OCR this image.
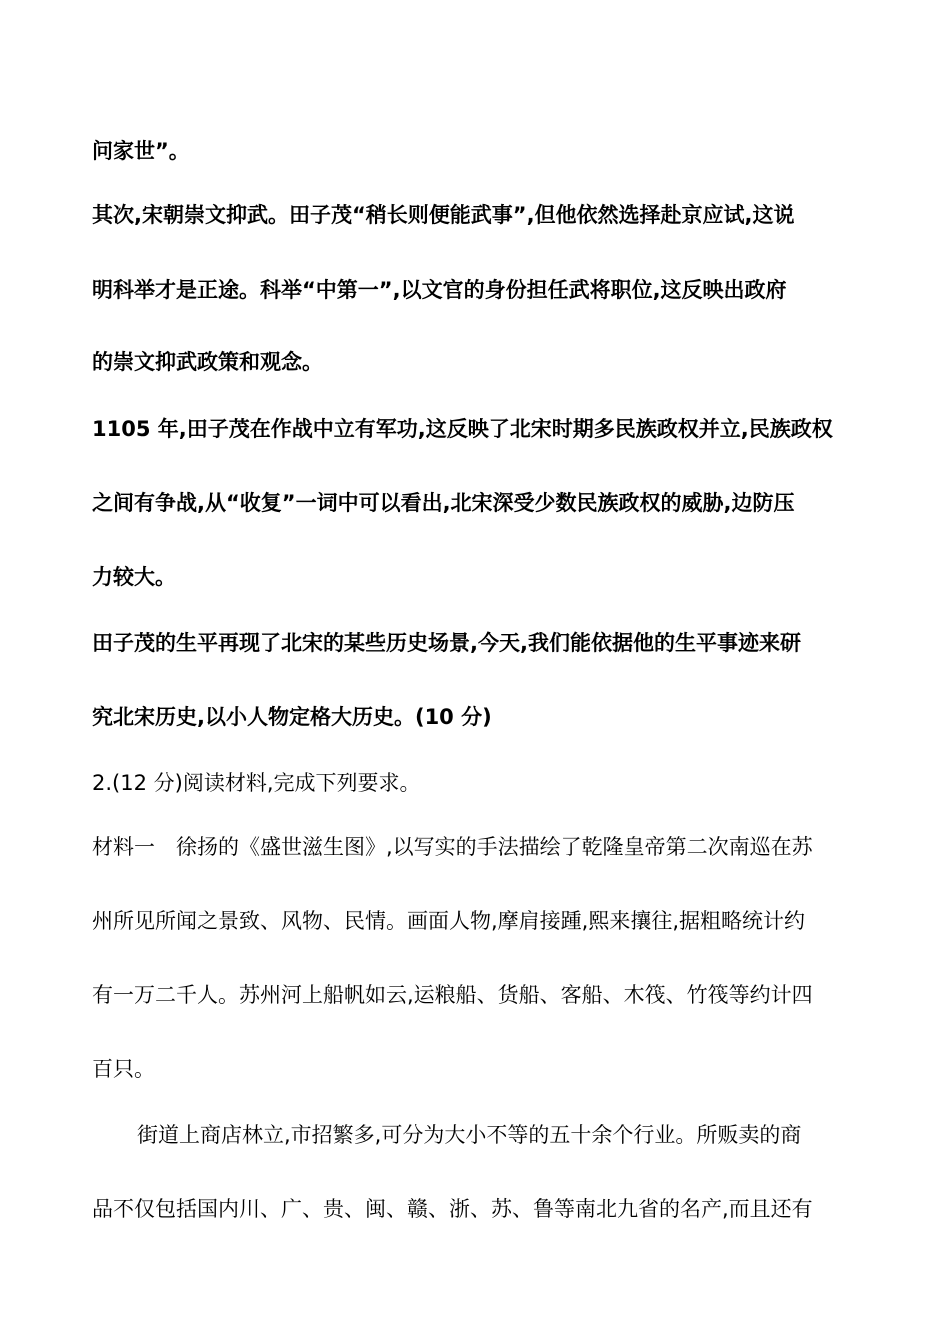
问家世”。
其次,宋朝崇文抑武。田子茂“稍长则便能武事”,但他依然选择赴京应试,这说
明科举才是正途。科举“中第一”,以文官的身份担任武将职位,这反映出政府
的崇文抑武政策和观念。
1105 年,田子茂在作战中立有军功,这反映了北宋时期多民族政权并立,民族政权
之间有争战,从“收复”一词中可以看出,北宋深受少数民族政权的威胁,边防压
力较大。
田子茂的生平再现了北宋的某些历史场景,今天,我们能依据他的生平事迹来研
究北宋历史,以小人物定格大历史。(10 分)
2.(12 分)阅读材料,完成下列要求。
材料一　徐扬的《盛世滋生图》,以写实的手法描绘了乾隆皇帝第二次南巡在苏
州所见所闻之景致、风物、民情。画面人物,摩肩接踵,熙来攘往,据粗略统计约
有一万二千人。苏州河上船帆如云,运粮船、货船、客船、木筏、竹筏等约计四
百只。
街道上商店林立,市招繁多,可分为大小不等的五十余个行业。所贩卖的商
品不仅包括国内川、广、贵、闽、赣、浙、苏、鲁等南北九省的名产,而且还有
